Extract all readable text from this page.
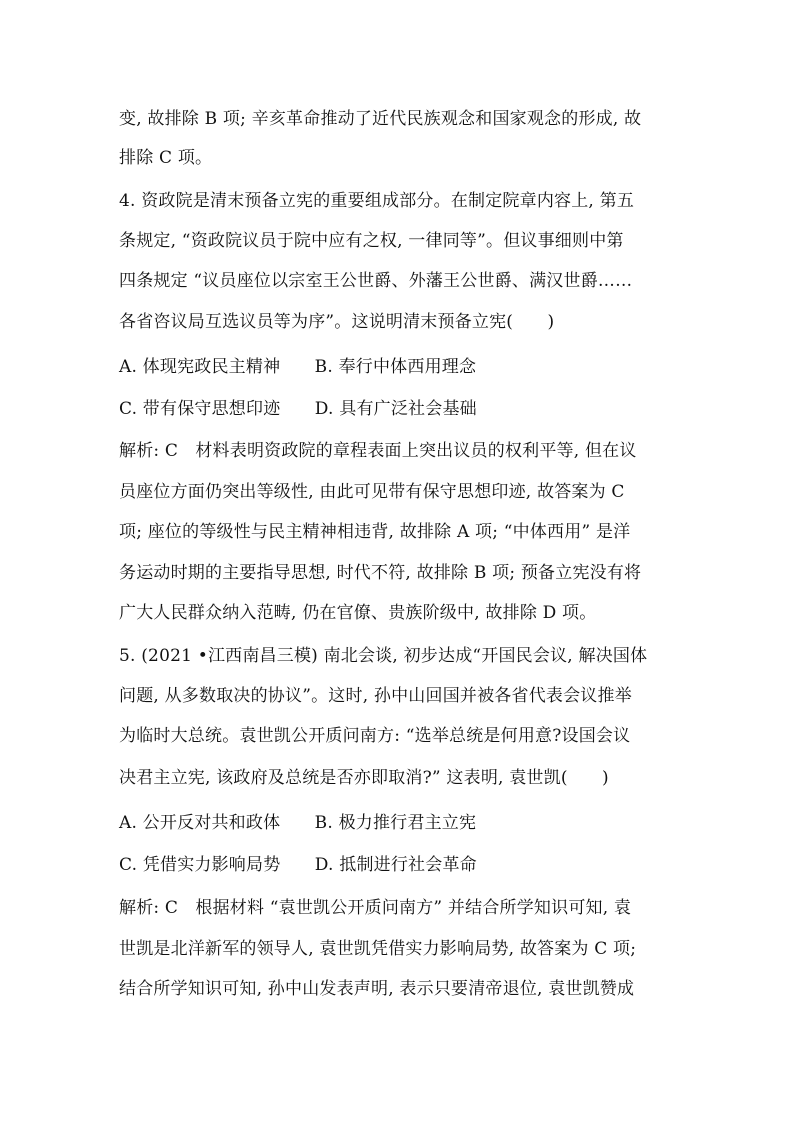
变, 故排除 B 项; 辛亥革命推动了近代民族观念和国家观念的形成, 故
排除 C 项。
4. 资政院是清末预备立宪的重要组成部分。在制定院章内容上, 第五
条规定, “资政院议员于院中应有之权, 一律同等”。但议事细则中第
四条规定 “议员座位以宗室王公世爵、外藩王公世爵、满汉世爵……
各省咨议局互选议员等为序”。这说明清末预备立宪(　　)
A. 体现宪政民主精神　　B. 奉行中体西用理念
C. 带有保守思想印迹　　D. 具有广泛社会基础
解析: C　材料表明资政院的章程表面上突出议员的权利平等, 但在议
员座位方面仍突出等级性, 由此可见带有保守思想印迹, 故答案为 C
项; 座位的等级性与民主精神相违背, 故排除 A 项; “中体西用” 是洋
务运动时期的主要指导思想, 时代不符, 故排除 B 项; 预备立宪没有将
广大人民群众纳入范畴, 仍在官僚、贵族阶级中, 故排除 D 项。
5. (2021 •江西南昌三模) 南北会谈, 初步达成“开国民会议, 解决国体
问题, 从多数取决的协议”。这时, 孙中山回国并被各省代表会议推举
为临时大总统。袁世凯公开质问南方: “选举总统是何用意?设国会议
决君主立宪, 该政府及总统是否亦即取消?” 这表明, 袁世凯(　　)
A. 公开反对共和政体　　B. 极力推行君主立宪
C. 凭借实力影响局势　　D. 抵制进行社会革命
解析: C　根据材料 “袁世凯公开质问南方” 并结合所学知识可知, 袁
世凯是北洋新军的领导人, 袁世凯凭借实力影响局势, 故答案为 C 项;
结合所学知识可知, 孙中山发表声明, 表示只要清帝退位, 袁世凯赞成
